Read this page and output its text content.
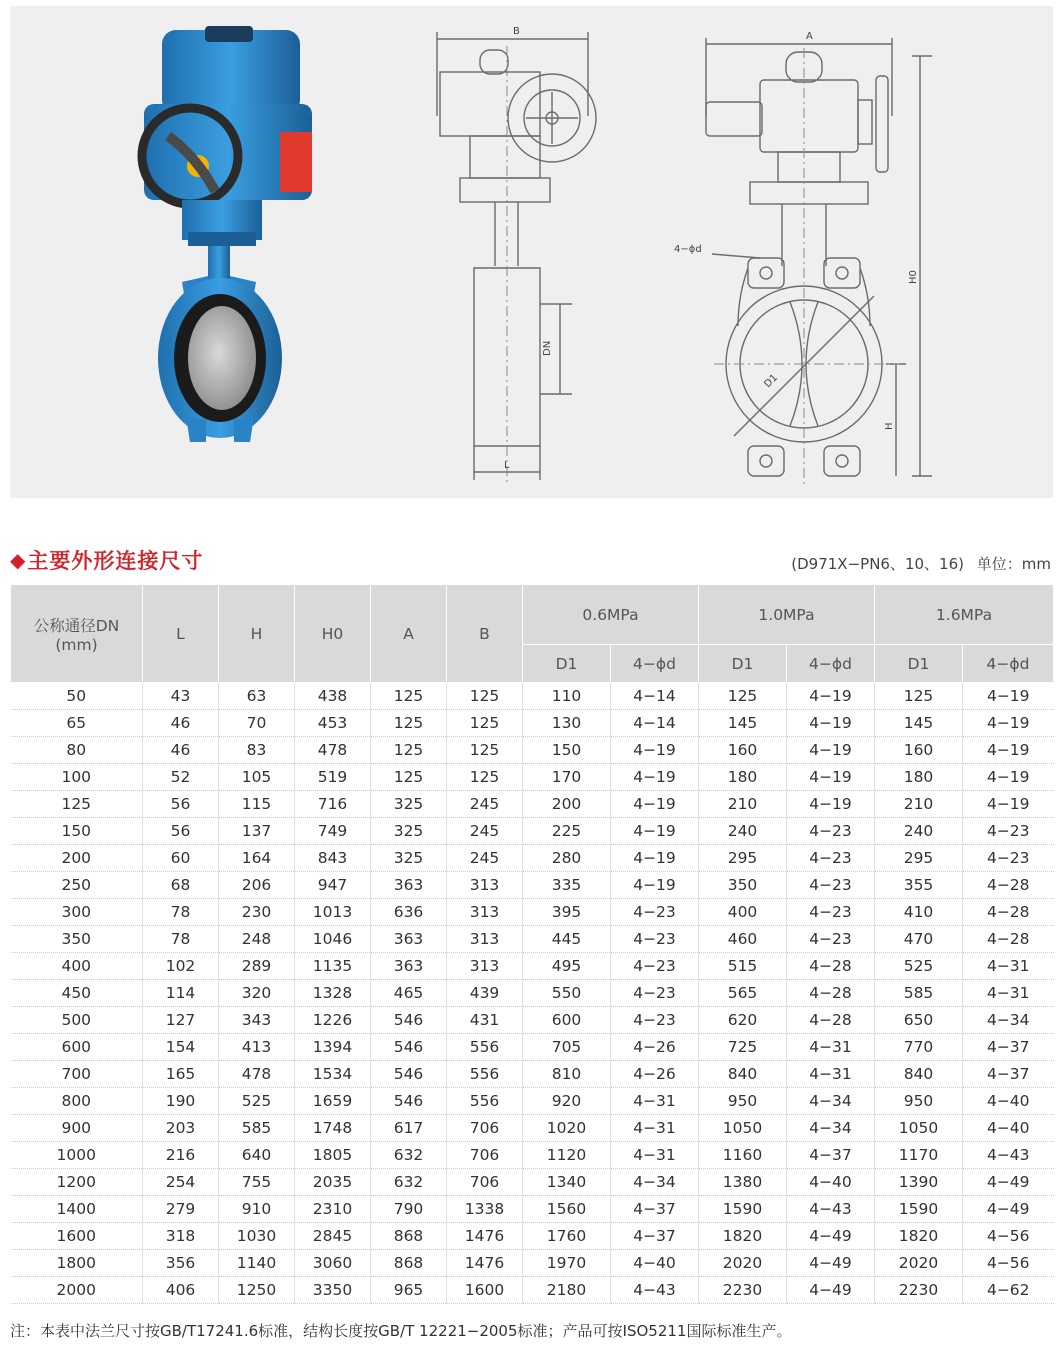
B
DN
L
A
4−ϕd
D1
H0
H
◆ 主要外形连接尺寸	(D971X−PN6、10、16) 单位：mm
公称通径DN
(mm)	L	H	H0	A	B	0.6MPa		1.0MPa		1.6MPa	
						D1	4−ϕd	D1	4−ϕd	D1	4−ϕd
50	43	63	438	125	125	110	4−14	125	4−19	125	4−19
65	46	70	453	125	125	130	4−14	145	4−19	145	4−19
80	46	83	478	125	125	150	4−19	160	4−19	160	4−19
100	52	105	519	125	125	170	4−19	180	4−19	180	4−19
125	56	115	716	325	245	200	4−19	210	4−19	210	4−19
150	56	137	749	325	245	225	4−19	240	4−23	240	4−23
200	60	164	843	325	245	280	4−19	295	4−23	295	4−23
250	68	206	947	363	313	335	4−19	350	4−23	355	4−28
300	78	230	1013	636	313	395	4−23	400	4−23	410	4−28
350	78	248	1046	363	313	445	4−23	460	4−23	470	4−28
400	102	289	1135	363	313	495	4−23	515	4−28	525	4−31
450	114	320	1328	465	439	550	4−23	565	4−28	585	4−31
500	127	343	1226	546	431	600	4−23	620	4−28	650	4−34
600	154	413	1394	546	556	705	4−26	725	4−31	770	4−37
700	165	478	1534	546	556	810	4−26	840	4−31	840	4−37
800	190	525	1659	546	556	920	4−31	950	4−34	950	4−40
900	203	585	1748	617	706	1020	4−31	1050	4−34	1050	4−40
1000	216	640	1805	632	706	1120	4−31	1160	4−37	1170	4−43
1200	254	755	2035	632	706	1340	4−34	1380	4−40	1390	4−49
1400	279	910	2310	790	1338	1560	4−37	1590	4−43	1590	4−49
1600	318	1030	2845	868	1476	1760	4−37	1820	4−49	1820	4−56
1800	356	1140	3060	868	1476	1970	4−40	2020	4−49	2020	4−56
2000	406	1250	3350	965	1600	2180	4−43	2230	4−49	2230	4−62
注：本表中法兰尺寸按GB/T17241.6标准，结构长度按GB/T 12221−2005标准；产品可按ISO5211国际标准生产。
